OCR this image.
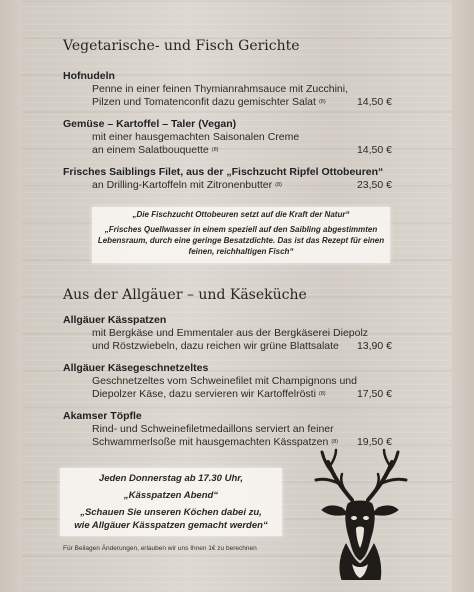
Vegetarische- und Fisch Gerichte
Hofnudeln
Penne in einer feinen Thymianrahmsauce mit Zucchini,
Pilzen und Tomatenconfit dazu gemischter Salat (8)	14,50 €
Gemüse – Kartoffel – Taler (Vegan)
mit einer hausgemachten Saisonalen Creme
an einem Salatbouquette (8)	14,50 €
Frisches Saiblings Filet, aus der „Fischzucht Ripfel Ottobeuren“
an Drilling-Kartoffeln mit Zitronenbutter (8)	23,50 €
„Die Fischzucht Ottobeuren setzt auf die Kraft der Natur“
„Frisches Quellwasser in einem speziell auf den Saibling abgestimmten
Lebensraum, durch eine geringe Besatzdichte. Das ist das Rezept für einen
feinen, reichhaltigen Fisch“
Aus der Allgäuer – und Käseküche
Allgäuer Kässpatzen
mit Bergkäse und Emmentaler aus der Bergkäserei Diepolz
und Röstzwiebeln, dazu reichen wir grüne Blattsalate 13,90 €
Allgäuer Käsegeschnetzeltes
Geschnetzeltes vom Schweinefilet mit Champignons und
Diepolzer Käse, dazu servieren wir Kartoffelrösti (8)	17,50 €
Akamser Töpfle
Rind- und Schweinefiletmedaillons serviert an feiner
Schwammerlsoße mit hausgemachten Kässpatzen (8) 19,50 €
Jeden Donnerstag ab 17.30 Uhr,
„Kässpatzen Abend“
„Schauen Sie unseren Köchen dabei zu,
wie Allgäuer Kässpatzen gemacht werden“
Für Beilagen Änderungen, erlauben wir uns Ihnen 1€ zu berechnen
